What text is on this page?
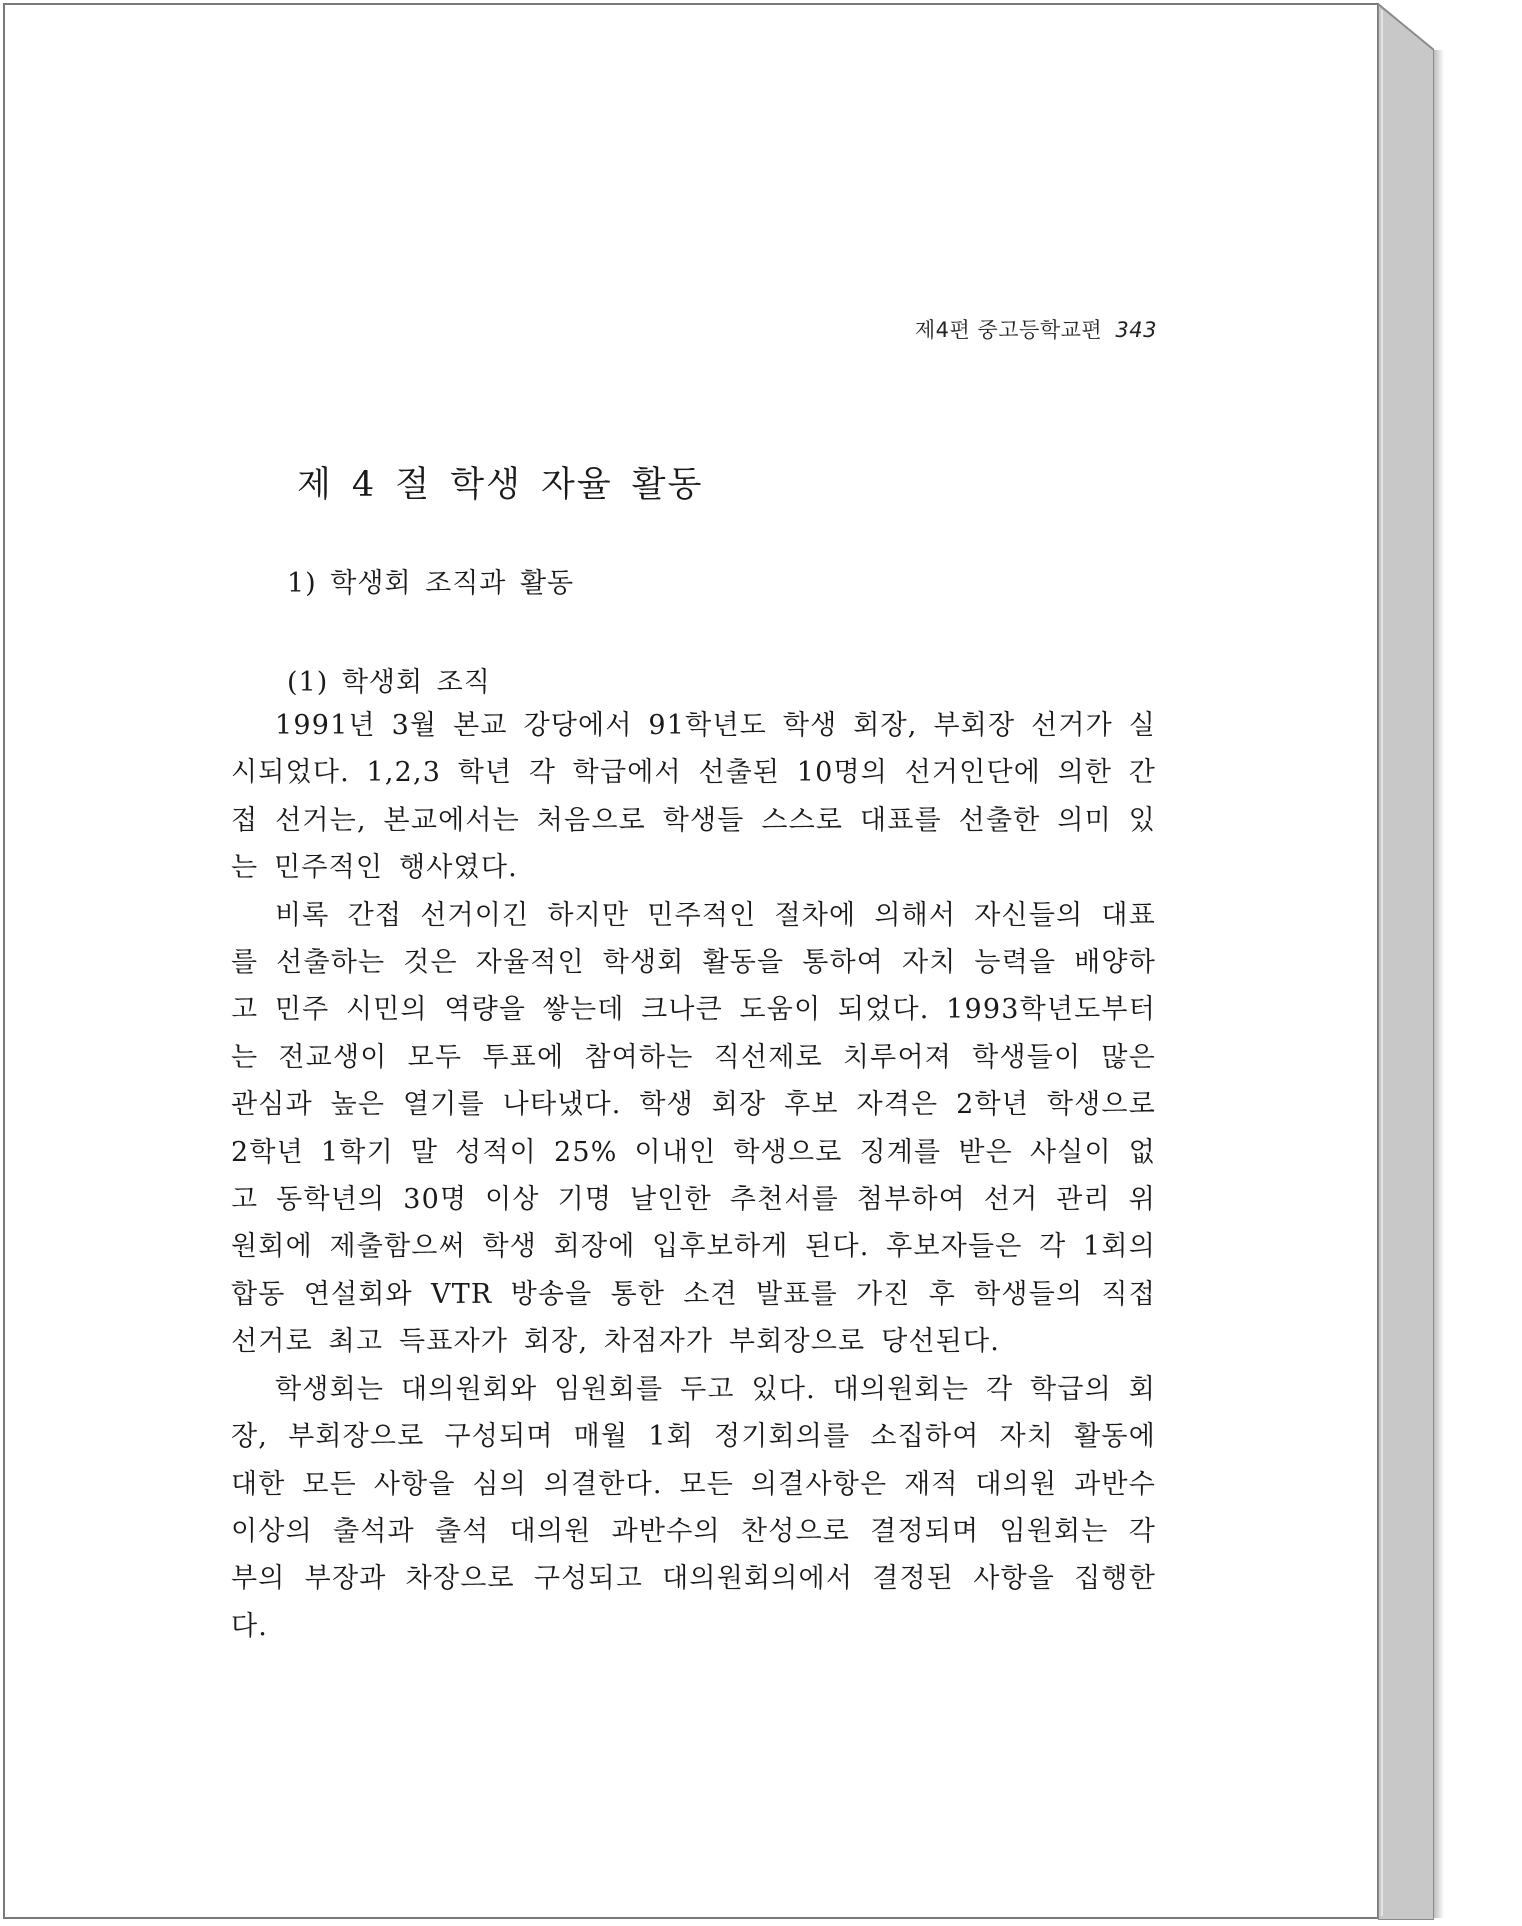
제4편 중고등학교편 343
제 4 절 학생 자율 활동
1) 학생회 조직과 활동
(1) 학생회 조직

1991년 3월 본교 강당에서 91학년도 학생 회장, 부회장 선거가 실시되었다. 1,2,3 학년 각 학급에서 선출된 10명의 선거인단에 의한 간접 선거는, 본교에서는 처음으로 학생들 스스로 대표를 선출한 의미 있는 민주적인 행사였다.

비록 간접 선거이긴 하지만 민주적인 절차에 의해서 자신들의 대표를 선출하는 것은 자율적인 학생회 활동을 통하여 자치 능력을 배양하고 민주 시민의 역량을 쌓는데 크나큰 도움이 되었다. 1993학년도부터는 전교생이 모두 투표에 참여하는 직선제로 치루어져 학생들이 많은 관심과 높은 열기를 나타냈다. 학생 회장 후보 자격은 2학년 학생으로 2학년 1학기 말 성적이 25% 이내인 학생으로 징계를 받은 사실이 없고 동학년의 30명 이상 기명 날인한 추천서를 첨부하여 선거 관리 위원회에 제출함으써 학생 회장에 입후보하게 된다. 후보자들은 각 1회의 합동 연설회와 VTR 방송을 통한 소견 발표를 가진 후 학생들의 직접 선거로 최고 득표자가 회장, 차점자가 부회장으로 당선된다.

학생회는 대의원회와 임원회를 두고 있다. 대의원회는 각 학급의 회장, 부회장으로 구성되며 매월 1회 정기회의를 소집하여 자치 활동에 대한 모든 사항을 심의 의결한다. 모든 의결사항은 재적 대의원 과반수 이상의 출석과 출석 대의원 과반수의 찬성으로 결정되며 임원회는 각 부의 부장과 차장으로 구성되고 대의원회의에서 결정된 사항을 집행한다.
